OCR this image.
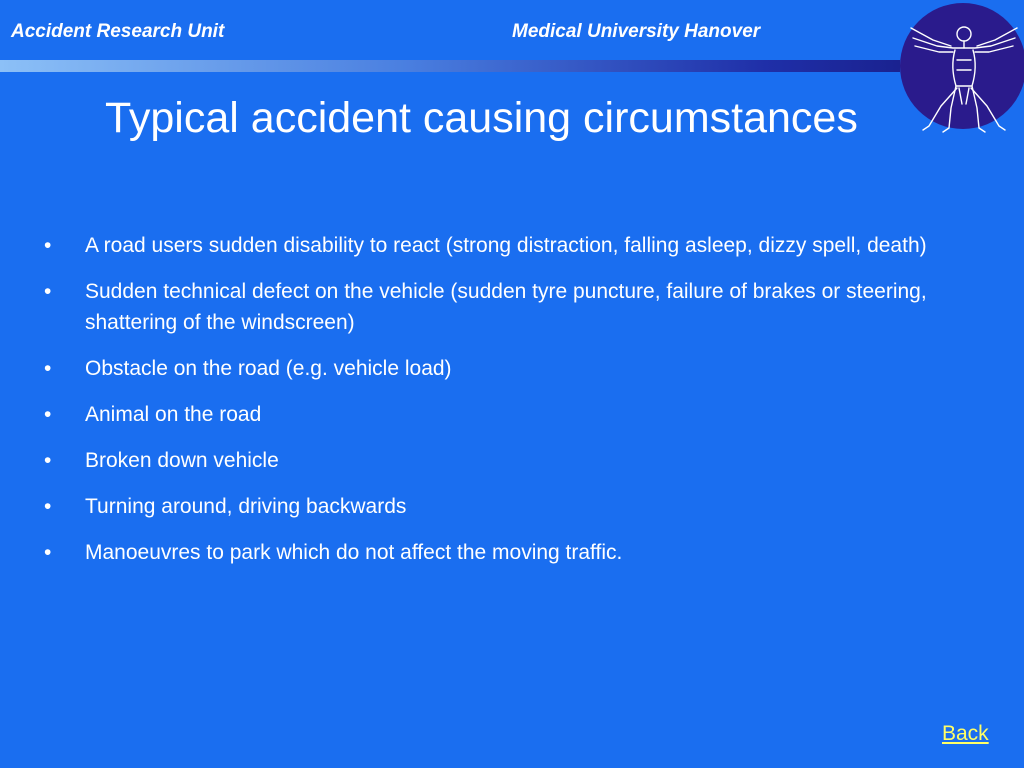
Accident Research Unit	Medical University Hanover
Typical accident causing circumstances
• A road users sudden disability to react (strong distraction, falling asleep, dizzy spell, death)
• Sudden technical defect on the vehicle (sudden tyre puncture, failure of brakes or steering, shattering of the windscreen)
• Obstacle on the road (e.g. vehicle load)
• Animal on the road
• Broken down vehicle
• Turning around, driving backwards
• Manoeuvres to park which do not affect the moving traffic.
Back
